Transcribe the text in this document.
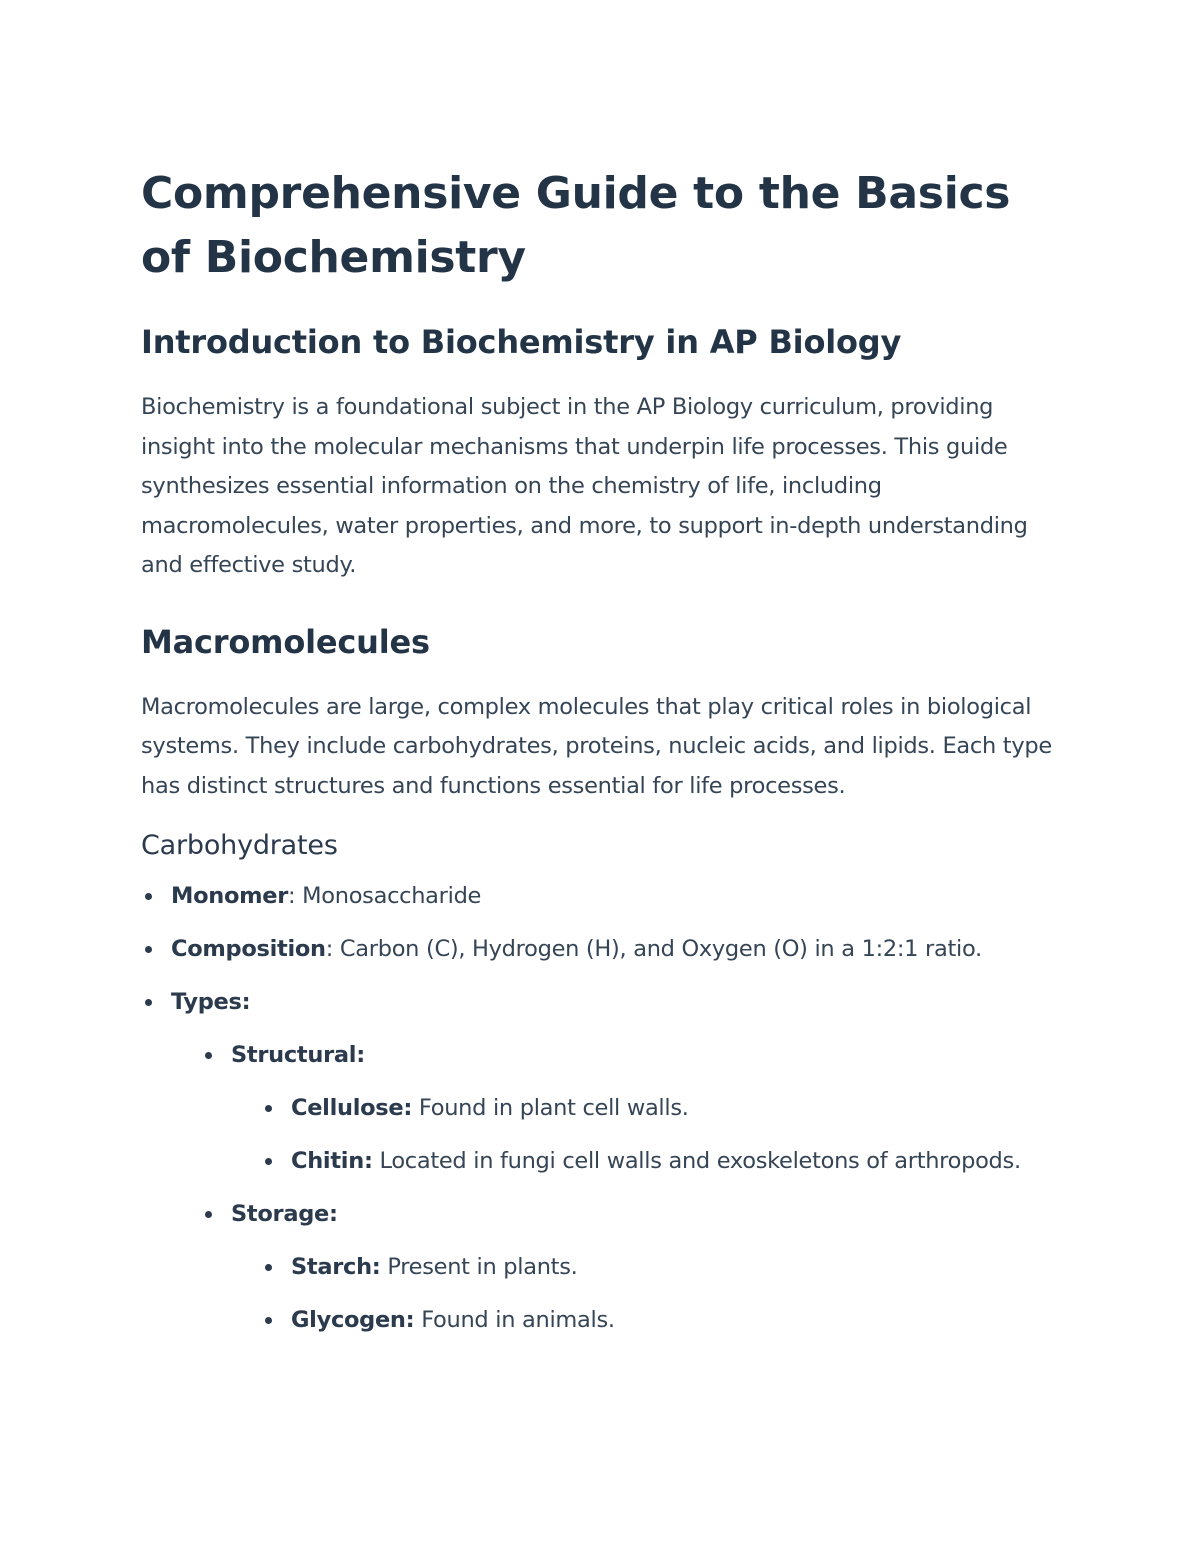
Comprehensive Guide to the Basics of Biochemistry
Introduction to Biochemistry in AP Biology

Biochemistry is a foundational subject in the AP Biology curriculum, providing insight into the molecular mechanisms that underpin life processes. This guide synthesizes essential information on the chemistry of life, including macromolecules, water properties, and more, to support in-depth understanding and effective study.

Macromolecules

Macromolecules are large, complex molecules that play critical roles in biological systems. They include carbohydrates, proteins, nucleic acids, and lipids. Each type has distinct structures and functions essential for life processes.

Carbohydrates
Monomer: Monosaccharide
Composition: Carbon (C), Hydrogen (H), and Oxygen (O) in a 1:2:1 ratio.
Types:
Structural:
Cellulose: Found in plant cell walls.
Chitin: Located in fungi cell walls and exoskeletons of arthropods.
Storage:
Starch: Present in plants.
Glycogen: Found in animals.
